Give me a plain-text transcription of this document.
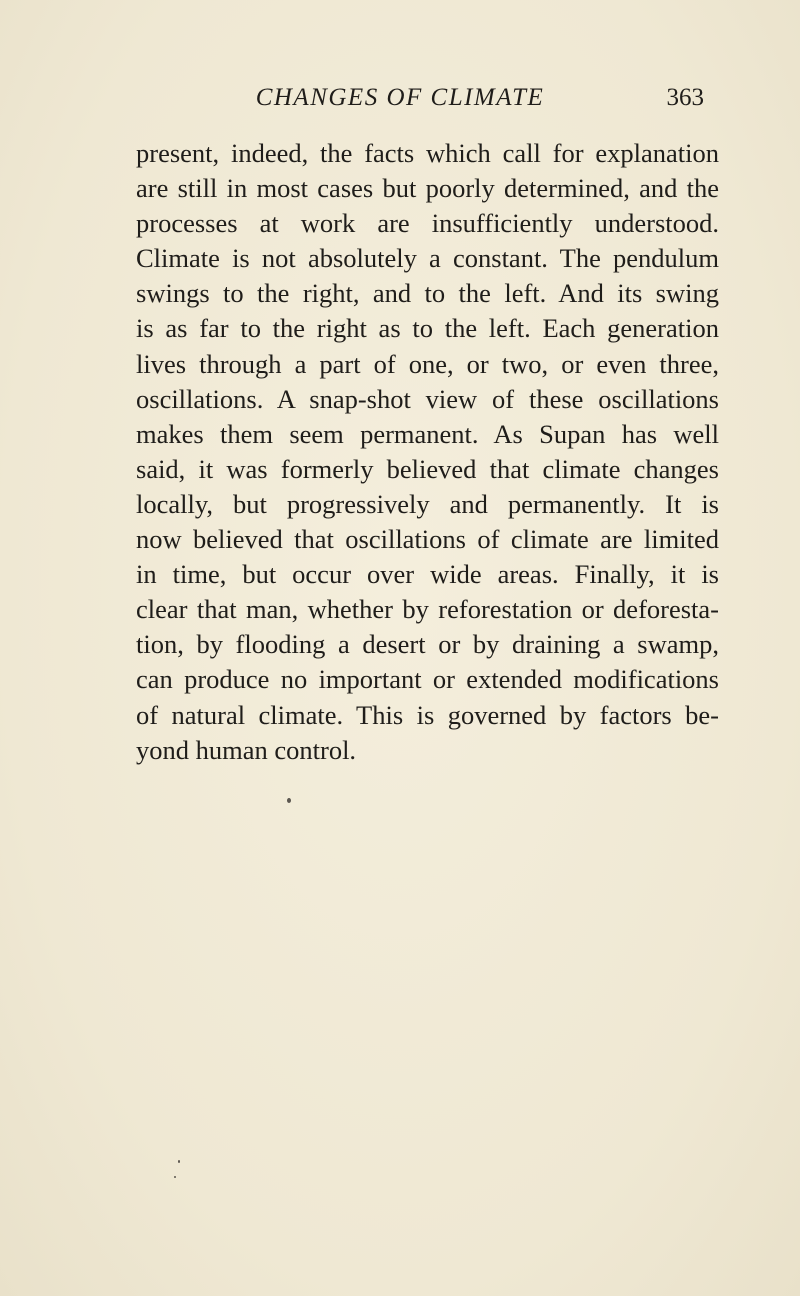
CHANGES OF CLIMATE	363
present, indeed, the facts which call for explanation
are still in most cases but poorly determined, and the
processes at work are insufficiently understood.
Climate is not absolutely a constant. The pendulum
swings to the right, and to the left. And its swing
is as far to the right as to the left. Each generation
lives through a part of one, or two, or even three,
oscillations. A snap-shot view of these oscillations
makes them seem permanent. As Supan has well
said, it was formerly believed that climate changes
locally, but progressively and permanently. It is
now believed that oscillations of climate are limited
in time, but occur over wide areas. Finally, it is
clear that man, whether by reforestation or deforesta-
tion, by flooding a desert or by draining a swamp,
can produce no important or extended modifications
of natural climate. This is governed by factors be-
yond human control.
